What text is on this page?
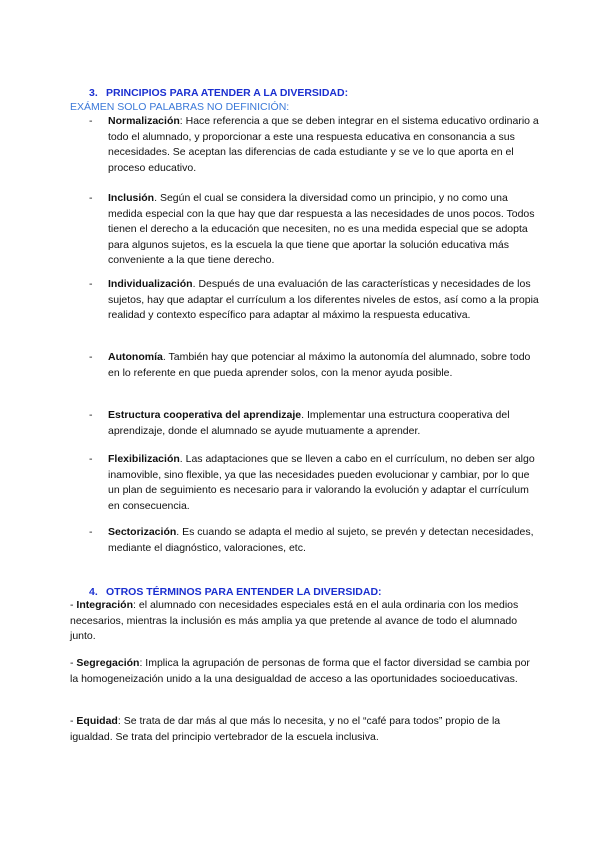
3. PRINCIPIOS PARA ATENDER A LA DIVERSIDAD:
EXÁMEN SOLO PALABRAS NO DEFINICIÓN:
- Normalización: Hace referencia a que se deben integrar en el sistema educativo ordinario a todo el alumnado, y proporcionar a este una respuesta educativa en consonancia a sus necesidades. Se aceptan las diferencias de cada estudiante y se ve lo que aporta en el proceso educativo.
- Inclusión. Según el cual se considera la diversidad como un principio, y no como una medida especial con la que hay que dar respuesta a las necesidades de unos pocos. Todos tienen el derecho a la educación que necesiten, no es una medida especial que se adopta para algunos sujetos, es la escuela la que tiene que aportar la solución educativa más conveniente a la que tiene derecho.
- Individualización. Después de una evaluación de las características y necesidades de los sujetos, hay que adaptar el currículum a los diferentes niveles de estos, así como a la propia realidad y contexto específico para adaptar al máximo la respuesta educativa.
- Autonomía. También hay que potenciar al máximo la autonomía del alumnado, sobre todo en lo referente en que pueda aprender solos, con la menor ayuda posible.
- Estructura cooperativa del aprendizaje. Implementar una estructura cooperativa del aprendizaje, donde el alumnado se ayude mutuamente a aprender.
- Flexibilización. Las adaptaciones que se lleven a cabo en el currículum, no deben ser algo inamovible, sino flexible, ya que las necesidades pueden evolucionar y cambiar, por lo que un plan de seguimiento es necesario para ir valorando la evolución y adaptar el currículum en consecuencia.
- Sectorización. Es cuando se adapta el medio al sujeto, se prevén y detectan necesidades, mediante el diagnóstico, valoraciones, etc.
4. OTROS TÉRMINOS PARA ENTENDER LA DIVERSIDAD:
- Integración: el alumnado con necesidades especiales está en el aula ordinaria con los medios necesarios, mientras la inclusión es más amplia ya que pretende al avance de todo el alumnado junto.
- Segregación: Implica la agrupación de personas de forma que el factor diversidad se cambia por la homogeneización unido a la una desigualdad de acceso a las oportunidades socioeducativas.
- Equidad: Se trata de dar más al que más lo necesita, y no el “café para todos” propio de la igualdad. Se trata del principio vertebrador de la escuela inclusiva.
